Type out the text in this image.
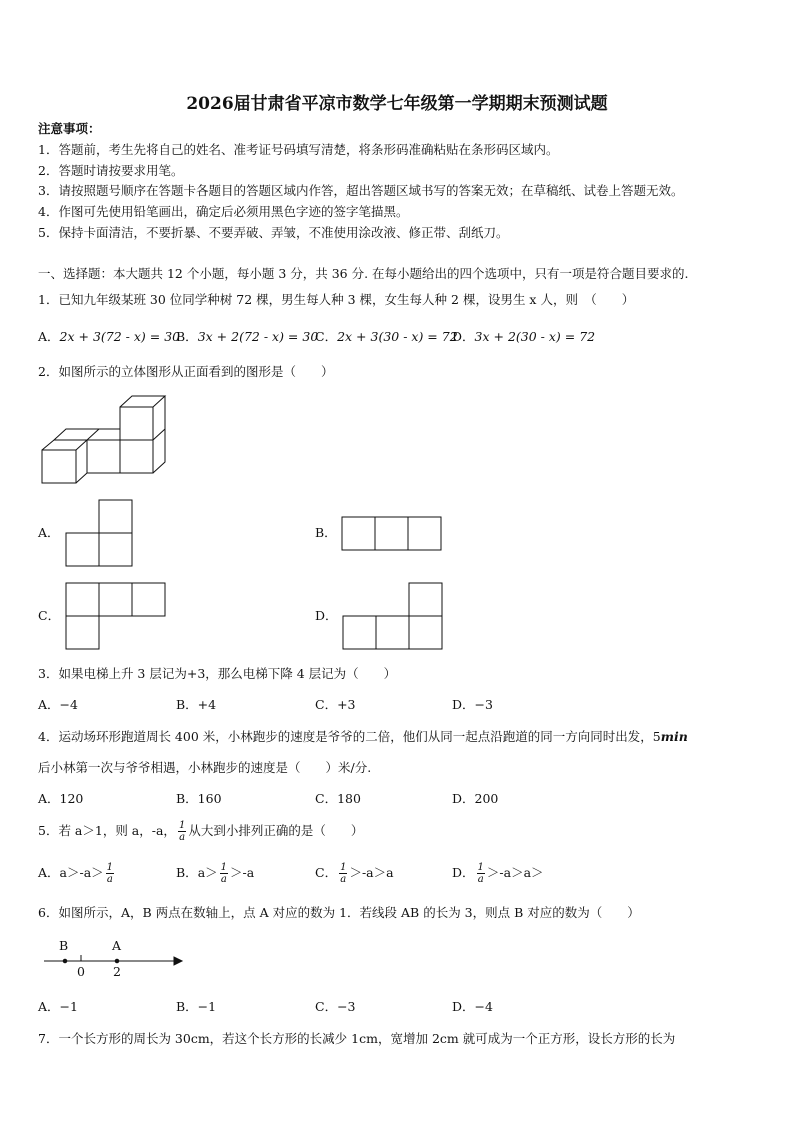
2026届甘肃省平凉市数学七年级第一学期期末预测试题
注意事项：
1．答题前，考生先将自己的姓名、准考证号码填写清楚，将条形码准确粘贴在条形码区域内。
2．答题时请按要求用笔。
3．请按照题号顺序在答题卡各题目的答题区域内作答，超出答题区域书写的答案无效；在草稿纸、试卷上答题无效。
4．作图可先使用铅笔画出，确定后必须用黑色字迹的签字笔描黑。
5．保持卡面清洁，不要折暴、不要弄破、弄皱，不准使用涂改液、修正带、刮纸刀。
一、选择题：本大题共 12 个小题，每小题 3 分，共 36 分. 在每小题给出的四个选项中，只有一项是符合题目要求的.
1．已知九年级某班 30 位同学种树 72 棵，男生每人种 3 棵，女生每人种 2 棵，设男生 x 人，则　（　　）
A．2x + 3(72 - x) = 30
B．3x + 2(72 - x) = 30
C．2x + 3(30 - x) = 72
D．3x + 2(30 - x) = 72
2．如图所示的立体图形从正面看到的图形是（　　）
A．	B．
C．	D．
3．如果电梯上升 3 层记为+3，那么电梯下降 4 层记为（　　）
A．−4	B．+4	C．+3	D．−3
4．运动场环形跑道周长 400 米，小林跑步的速度是爷爷的二倍，他们从同一起点沿跑道的同一方向同时出发，5min
后小林第一次与爷爷相遇，小林跑步的速度是（　　）米/分.
A．120	B．160	C．180	D．200
5．若 a＞1，则 a，-a， $\frac{1}{a}$ 从大到小排列正确的是（　　）
A．$a>-a> \frac{1}{a}$	B．$a> \frac{1}{a} >-a$	C． $\frac{1}{a} >-a>a$	D． $\frac{1}{a} >-a>a>$
6．如图所示，A，B 两点在数轴上，点 A 对应的数为 1．若线段 AB 的长为 3，则点 B 对应的数为（　　）
B	A
0 2
A．−1	B．−1	C．−3	D．−4
7．一个长方形的周长为 30cm，若这个长方形的长减少 1cm，宽增加 2cm 就可成为一个正方形，设长方形的长为
